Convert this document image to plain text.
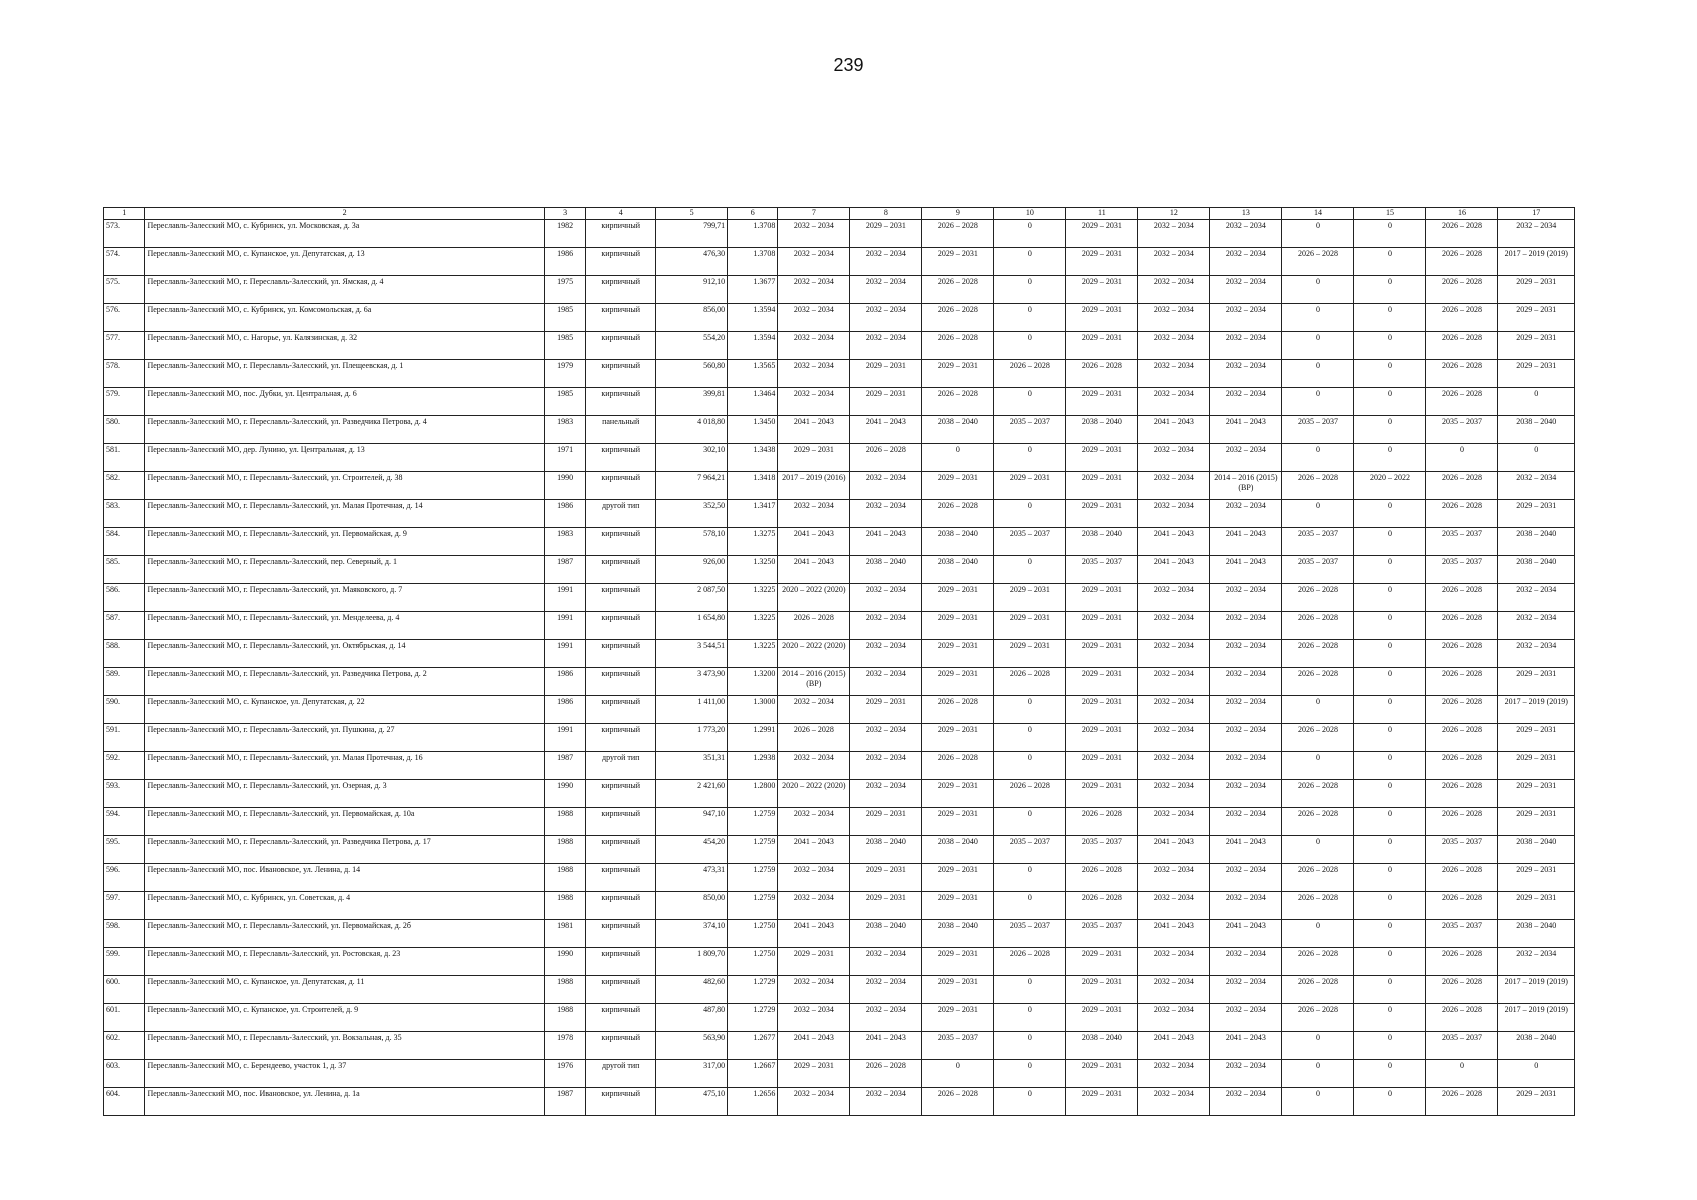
239
1	2	3	4	5	6	7	8	9	10	11	12	13	14	15	16	17
573.	Переславль-Залесский МО, с. Кубринск, ул. Московская, д. 3а	1982	кирпичный	799,71	1.3708	2032 – 2034	2029 – 2031	2026 – 2028	0	2029 – 2031	2032 – 2034	2032 – 2034	0	0	2026 – 2028	2032 – 2034
574.	Переславль-Залесский МО, с. Купанское, ул. Депутатская, д. 13	1986	кирпичный	476,30	1.3708	2032 – 2034	2032 – 2034	2029 – 2031	0	2029 – 2031	2032 – 2034	2032 – 2034	2026 – 2028	0	2026 – 2028	2017 – 2019 (2019)
575.	Переславль-Залесский МО, г. Переславль-Залесский, ул. Ямская, д. 4	1975	кирпичный	912,10	1.3677	2032 – 2034	2032 – 2034	2026 – 2028	0	2029 – 2031	2032 – 2034	2032 – 2034	0	0	2026 – 2028	2029 – 2031
576.	Переславль-Залесский МО, с. Кубринск, ул. Комсомольская, д. 6а	1985	кирпичный	856,00	1.3594	2032 – 2034	2032 – 2034	2026 – 2028	0	2029 – 2031	2032 – 2034	2032 – 2034	0	0	2026 – 2028	2029 – 2031
577.	Переславль-Залесский МО, с. Нагорье, ул. Калязинская, д. 32	1985	кирпичный	554,20	1.3594	2032 – 2034	2032 – 2034	2026 – 2028	0	2029 – 2031	2032 – 2034	2032 – 2034	0	0	2026 – 2028	2029 – 2031
578.	Переславль-Залесский МО, г. Переславль-Залесский, ул. Плещеевская, д. 1	1979	кирпичный	560,80	1.3565	2032 – 2034	2029 – 2031	2029 – 2031	2026 – 2028	2026 – 2028	2032 – 2034	2032 – 2034	0	0	2026 – 2028	2029 – 2031
579.	Переславль-Залесский МО, пос. Дубки, ул. Центральная, д. 6	1985	кирпичный	399,81	1.3464	2032 – 2034	2029 – 2031	2026 – 2028	0	2029 – 2031	2032 – 2034	2032 – 2034	0	0	2026 – 2028	0
580.	Переславль-Залесский МО, г. Переславль-Залесский, ул. Разведчика Петрова, д. 4	1983	панельный	4 018,80	1.3450	2041 – 2043	2041 – 2043	2038 – 2040	2035 – 2037	2038 – 2040	2041 – 2043	2041 – 2043	2035 – 2037	0	2035 – 2037	2038 – 2040
581.	Переславль-Залесский МО, дер. Лунино, ул. Центральная, д. 13	1971	кирпичный	302,10	1.3438	2029 – 2031	2026 – 2028	0	0	2029 – 2031	2032 – 2034	2032 – 2034	0	0	0	0
582.	Переславль-Залесский МО, г. Переславль-Залесский, ул. Строителей, д. 38	1990	кирпичный	7 964,21	1.3418	2017 – 2019 (2016)	2032 – 2034	2029 – 2031	2029 – 2031	2029 – 2031	2032 – 2034	2014 – 2016 (2015) (ВР)	2026 – 2028	2020 – 2022	2026 – 2028	2032 – 2034
583.	Переславль-Залесский МО, г. Переславль-Залесский, ул. Малая Протечная, д. 14	1986	другой тип	352,50	1.3417	2032 – 2034	2032 – 2034	2026 – 2028	0	2029 – 2031	2032 – 2034	2032 – 2034	0	0	2026 – 2028	2029 – 2031
584.	Переславль-Залесский МО, г. Переславль-Залесский, ул. Первомайская, д. 9	1983	кирпичный	578,10	1.3275	2041 – 2043	2041 – 2043	2038 – 2040	2035 – 2037	2038 – 2040	2041 – 2043	2041 – 2043	2035 – 2037	0	2035 – 2037	2038 – 2040
585.	Переславль-Залесский МО, г. Переславль-Залесский, пер. Северный, д. 1	1987	кирпичный	926,00	1.3250	2041 – 2043	2038 – 2040	2038 – 2040	0	2035 – 2037	2041 – 2043	2041 – 2043	2035 – 2037	0	2035 – 2037	2038 – 2040
586.	Переславль-Залесский МО, г. Переславль-Залесский, ул. Маяковского, д. 7	1991	кирпичный	2 087,50	1.3225	2020 – 2022 (2020)	2032 – 2034	2029 – 2031	2029 – 2031	2029 – 2031	2032 – 2034	2032 – 2034	2026 – 2028	0	2026 – 2028	2032 – 2034
587.	Переславль-Залесский МО, г. Переславль-Залесский, ул. Менделеева, д. 4	1991	кирпичный	1 654,80	1.3225	2026 – 2028	2032 – 2034	2029 – 2031	2029 – 2031	2029 – 2031	2032 – 2034	2032 – 2034	2026 – 2028	0	2026 – 2028	2032 – 2034
588.	Переславль-Залесский МО, г. Переславль-Залесский, ул. Октябрьская, д. 14	1991	кирпичный	3 544,51	1.3225	2020 – 2022 (2020)	2032 – 2034	2029 – 2031	2029 – 2031	2029 – 2031	2032 – 2034	2032 – 2034	2026 – 2028	0	2026 – 2028	2032 – 2034
589.	Переславль-Залесский МО, г. Переславль-Залесский, ул. Разведчика Петрова, д. 2	1986	кирпичный	3 473,90	1.3200	2014 – 2016 (2015) (ВР)	2032 – 2034	2029 – 2031	2026 – 2028	2029 – 2031	2032 – 2034	2032 – 2034	2026 – 2028	0	2026 – 2028	2029 – 2031
590.	Переславль-Залесский МО, с. Купанское, ул. Депутатская, д. 22	1986	кирпичный	1 411,00	1.3000	2032 – 2034	2029 – 2031	2026 – 2028	0	2029 – 2031	2032 – 2034	2032 – 2034	0	0	2026 – 2028	2017 – 2019 (2019)
591.	Переславль-Залесский МО, г. Переславль-Залесский, ул. Пушкина, д. 27	1991	кирпичный	1 773,20	1.2991	2026 – 2028	2032 – 2034	2029 – 2031	0	2029 – 2031	2032 – 2034	2032 – 2034	2026 – 2028	0	2026 – 2028	2029 – 2031
592.	Переславль-Залесский МО, г. Переславль-Залесский, ул. Малая Протечная, д. 16	1987	другой тип	351,31	1.2938	2032 – 2034	2032 – 2034	2026 – 2028	0	2029 – 2031	2032 – 2034	2032 – 2034	0	0	2026 – 2028	2029 – 2031
593.	Переславль-Залесский МО, г. Переславль-Залесский, ул. Озерная, д. 3	1990	кирпичный	2 421,60	1.2800	2020 – 2022 (2020)	2032 – 2034	2029 – 2031	2026 – 2028	2029 – 2031	2032 – 2034	2032 – 2034	2026 – 2028	0	2026 – 2028	2029 – 2031
594.	Переславль-Залесский МО, г. Переславль-Залесский, ул. Первомайская, д. 10а	1988	кирпичный	947,10	1.2759	2032 – 2034	2029 – 2031	2029 – 2031	0	2026 – 2028	2032 – 2034	2032 – 2034	2026 – 2028	0	2026 – 2028	2029 – 2031
595.	Переславль-Залесский МО, г. Переславль-Залесский, ул. Разведчика Петрова, д. 17	1988	кирпичный	454,20	1.2759	2041 – 2043	2038 – 2040	2038 – 2040	2035 – 2037	2035 – 2037	2041 – 2043	2041 – 2043	0	0	2035 – 2037	2038 – 2040
596.	Переславль-Залесский МО, пос. Ивановское, ул. Ленина, д. 14	1988	кирпичный	473,31	1.2759	2032 – 2034	2029 – 2031	2029 – 2031	0	2026 – 2028	2032 – 2034	2032 – 2034	2026 – 2028	0	2026 – 2028	2029 – 2031
597.	Переславль-Залесский МО, с. Кубринск, ул. Советская, д. 4	1988	кирпичный	850,00	1.2759	2032 – 2034	2029 – 2031	2029 – 2031	0	2026 – 2028	2032 – 2034	2032 – 2034	2026 – 2028	0	2026 – 2028	2029 – 2031
598.	Переславль-Залесский МО, г. Переславль-Залесский, ул. Первомайская, д. 2б	1981	кирпичный	374,10	1.2750	2041 – 2043	2038 – 2040	2038 – 2040	2035 – 2037	2035 – 2037	2041 – 2043	2041 – 2043	0	0	2035 – 2037	2038 – 2040
599.	Переславль-Залесский МО, г. Переславль-Залесский, ул. Ростовская, д. 23	1990	кирпичный	1 809,70	1.2750	2029 – 2031	2032 – 2034	2029 – 2031	2026 – 2028	2029 – 2031	2032 – 2034	2032 – 2034	2026 – 2028	0	2026 – 2028	2032 – 2034
600.	Переславль-Залесский МО, с. Купанское, ул. Депутатская, д. 11	1988	кирпичный	482,60	1.2729	2032 – 2034	2032 – 2034	2029 – 2031	0	2029 – 2031	2032 – 2034	2032 – 2034	2026 – 2028	0	2026 – 2028	2017 – 2019 (2019)
601.	Переславль-Залесский МО, с. Купанское, ул. Строителей, д. 9	1988	кирпичный	487,80	1.2729	2032 – 2034	2032 – 2034	2029 – 2031	0	2029 – 2031	2032 – 2034	2032 – 2034	2026 – 2028	0	2026 – 2028	2017 – 2019 (2019)
602.	Переславль-Залесский МО, г. Переславль-Залесский, ул. Вокзальная, д. 35	1978	кирпичный	563,90	1.2677	2041 – 2043	2041 – 2043	2035 – 2037	0	2038 – 2040	2041 – 2043	2041 – 2043	0	0	2035 – 2037	2038 – 2040
603.	Переславль-Залесский МО, с. Берендеево, участок 1, д. 37	1976	другой тип	317,00	1.2667	2029 – 2031	2026 – 2028	0	0	2029 – 2031	2032 – 2034	2032 – 2034	0	0	0	0
604.	Переславль-Залесский МО, пос. Ивановское, ул. Ленина, д. 1а	1987	кирпичный	475,10	1.2656	2032 – 2034	2032 – 2034	2026 – 2028	0	2029 – 2031	2032 – 2034	2032 – 2034	0	0	2026 – 2028	2029 – 2031
